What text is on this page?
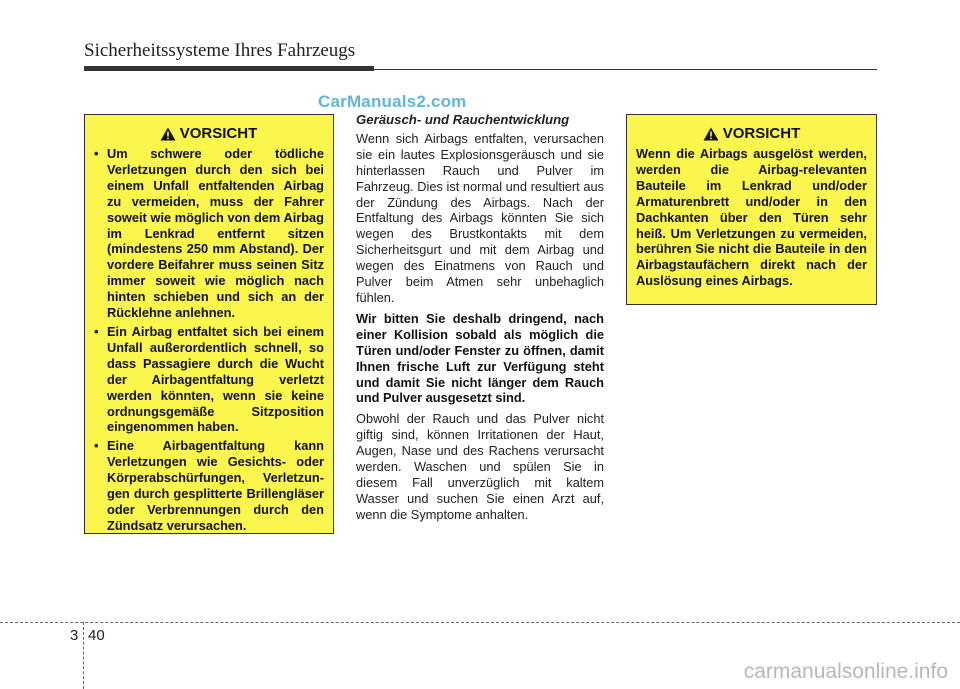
Sicherheitssysteme Ihres Fahrzeugs
CarManuals2.com
VORSICHT
• Um schwere oder tödliche Verletzungen durch den sich bei einem Unfall entfaltenden Airbag zu vermeiden, muss der Fahrer soweit wie möglich von dem Airbag im Lenkrad entfernt sitzen (mindestens 250 mm Abstand). Der vordere Beifahrer muss seinen Sitz immer soweit wie möglich nach hinten schieben und sich an der Rücklehne anlehnen.
• Ein Airbag entfaltet sich bei einem Unfall außerordentlich schnell, so dass Passagiere durch die Wucht der Airbagentfaltung verletzt werden könnten, wenn sie keine ordnungsgemäße Sitzposition eingenommen haben.
• Eine Airbagentfaltung kann Verletzungen wie Gesichts- oder Körperabschürfungen, Verletzun-gen durch gesplitterte Brillengläser oder Verbrennungen durch den Zündsatz verursachen.
Geräusch- und Rauchentwicklung

Wenn sich Airbags entfalten, verursachen sie ein lautes Explosionsgeräusch und sie hinterlassen Rauch und Pulver im Fahrzeug. Dies ist normal und resultiert aus der Zündung des Airbags. Nach der Entfaltung des Airbags könnten Sie sich wegen des Brustkontakts mit dem Sicherheitsgurt und mit dem Airbag und wegen des Einatmens von Rauch und Pulver beim Atmen sehr unbehaglich fühlen.

Wir bitten Sie deshalb dringend, nach einer Kollision sobald als möglich die Türen und/oder Fenster zu öffnen, damit Ihnen frische Luft zur Verfügung steht und damit Sie nicht länger dem Rauch und Pulver ausgesetzt sind.

Obwohl der Rauch und das Pulver nicht giftig sind, können Irritationen der Haut, Augen, Nase und des Rachens verursacht werden. Waschen und spülen Sie in diesem Fall unverzüglich mit kaltem Wasser und suchen Sie einen Arzt auf, wenn die Symptome anhalten.

VORSICHT

Wenn die Airbags ausgelöst werden, werden die Airbag-relevanten Bauteile im Lenkrad und/oder Armaturenbrett und/oder in den Dachkanten über den Türen sehr heiß. Um Verletzungen zu vermeiden, berühren Sie nicht die Bauteile in den Airbagstaufächern direkt nach der Auslösung eines Airbags.

3 40
carmanualsonline.info
